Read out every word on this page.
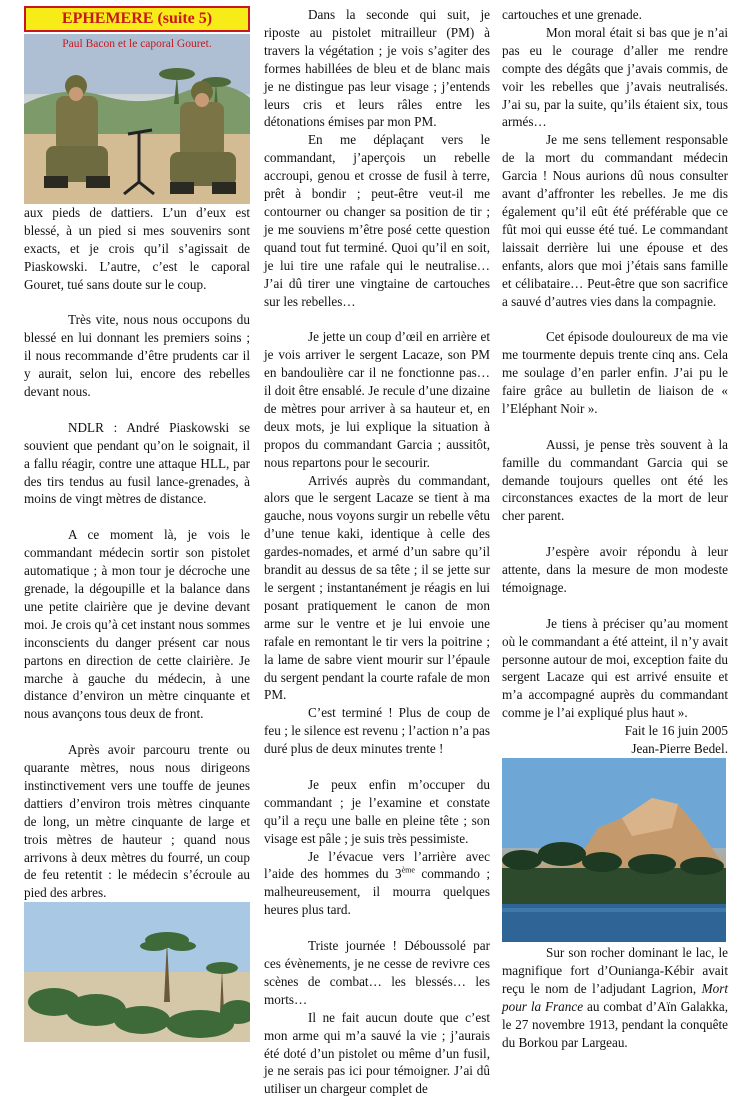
EPHEMERE (suite 5)
Paul Bacon et le caporal Gouret.

aux pieds de dattiers. L’un d’eux est blessé, à un pied si mes souvenirs sont exacts, et je crois qu’il s’agissait de Piaskowski. L’autre, c’est le caporal Gouret, tué sans doute sur le coup.

Très vite, nous nous occupons du blessé en lui donnant les premiers soins ; il nous recommande d’être prudents car il y aurait, selon lui, encore des rebelles devant nous.

NDLR : André Piaskowski se souvient que pendant qu’on le soignait, il a fallu réagir, contre une attaque HLL, par des tirs tendus au fusil lance-grenades, à moins de vingt mètres de distance.

A ce moment là, je vois le commandant médecin sortir son pistolet automatique ; à mon tour je décroche une grenade, la dégoupille et la balance dans une petite clairière que je devine devant moi. Je crois qu’à cet instant nous sommes inconscients du danger présent car nous partons en direction de cette clairière. Je marche à gauche du médecin, à une distance d’environ un mètre cinquante et nous avançons tous deux de front.

Après avoir parcouru trente ou quarante mètres, nous nous dirigeons instinctivement vers une touffe de jeunes dattiers d’environ trois mètres cinquante de long, un mètre cinquante de large et trois mètres de hauteur ; quand nous arrivons à deux mètres du fourré, un coup de feu retentit : le médecin s’écroule au pied des arbres.

Dans la seconde qui suit, je riposte au pistolet mitrailleur (PM) à travers la végétation ; je vois s’agiter des formes habillées de bleu et de blanc mais je ne distingue pas leur visage ; j’entends leurs cris et leurs râles entre les détonations émises par mon PM.

En me déplaçant vers le commandant, j’aperçois un rebelle accroupi, genou et crosse de fusil à terre, prêt à bondir ; peut-être veut-il me contourner ou changer sa position de tir ; je me souviens m’être posé cette question quand tout fut terminé. Quoi qu’il en soit, je lui tire une rafale qui le neutralise… J’ai dû tirer une vingtaine de cartouches sur les rebelles…

Je jette un coup d’œil en arrière et je vois arriver le sergent Lacaze, son PM en bandoulière car il ne fonctionne pas… il doit être ensablé. Je recule d’une dizaine de mètres pour arriver à sa hauteur et, en deux mots, je lui explique la situation à propos du commandant Garcia ; aussitôt, nous repartons pour le secourir.

Arrivés auprès du commandant, alors que le sergent Lacaze se tient à ma gauche, nous voyons surgir un rebelle vêtu d’une tenue kaki, identique à celle des gardes-nomades, et armé d’un sabre qu’il brandit au dessus de sa tête ; il se jette sur le sergent ; instantanément je réagis en lui posant pratiquement le canon de mon arme sur le ventre et je lui envoie une rafale en remontant le tir vers la poitrine ; la lame de sabre vient mourir sur l’épaule du sergent pendant la courte rafale de mon PM.

C’est terminé ! Plus de coup de feu ; le silence est revenu ; l’action n’a pas duré plus de deux minutes trente !

Je peux enfin m’occuper du commandant ; je l’examine et constate qu’il a reçu une balle en pleine tête ; son visage est pâle ; je suis très pessimiste.

Je l’évacue vers l’arrière avec l’aide des hommes du 3ème commando ; malheureusement, il mourra quelques heures plus tard.

Triste journée ! Déboussolé par ces évènements, je ne cesse de revivre ces scènes de combat… les blessés… les morts…

Il ne fait aucun doute que c’est mon arme qui m’a sauvé la vie ; j’aurais été doté d’un pistolet ou même d’un fusil, je ne serais pas ici pour témoigner. J’ai dû utiliser un chargeur complet de

cartouches et une grenade.

Mon moral était si bas que je n’ai pas eu le courage d’aller me rendre compte des dégâts que j’avais commis, de voir les rebelles que j’avais neutralisés. J’ai su, par la suite, qu’ils étaient six, tous armés…

Je me sens tellement responsable de la mort du commandant médecin Garcia ! Nous aurions dû nous consulter avant d’affronter les rebelles. Je me dis également qu’il eût été préférable que ce fût moi qui eusse été tué. Le commandant laissait derrière lui une épouse et des enfants, alors que moi j’étais sans famille et célibataire… Peut-être que son sacrifice a sauvé d’autres vies dans la compagnie.

Cet épisode douloureux de ma vie me tourmente depuis trente cinq ans. Cela me soulage d’en parler enfin. J’ai pu le faire grâce au bulletin de liaison de « l’Eléphant Noir ».

Aussi, je pense très souvent à la famille du commandant Garcia qui se demande toujours quelles ont été les circonstances exactes de la mort de leur cher parent.

J’espère avoir répondu à leur attente, dans la mesure de mon modeste témoignage.

Je tiens à préciser qu’au moment où le commandant a été atteint, il n’y avait personne autour de moi, exception faite du sergent Lacaze qui est arrivé ensuite et m’a accompagné auprès du commandant comme je l’ai expliqué plus haut ».

Fait le 16 juin 2005

Jean-Pierre Bedel.

Sur son rocher dominant le lac, le magnifique fort d’Ounianga-Kébir avait reçu le nom de l’adjudant Lagrion, Mort pour la France au combat d’Aïn Galakka, le 27 novembre 1913, pendant la conquête du Borkou par Largeau.
